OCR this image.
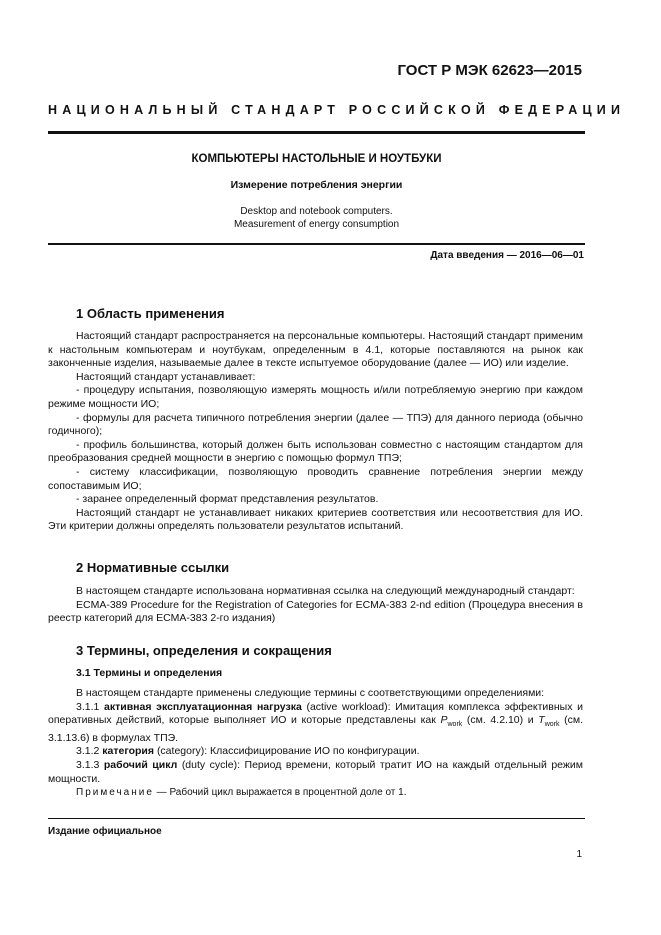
ГОСТ Р МЭК 62623—2015
НАЦИОНАЛЬНЫЙ СТАНДАРТ РОССИЙСКОЙ ФЕДЕРАЦИИ
КОМПЬЮТЕРЫ НАСТОЛЬНЫЕ И НОУТБУКИ
Измерение потребления энергии
Desktop and notebook computers.
Measurement of energy consumption
Дата введения — 2016—06—01
1 Область применения

Настоящий стандарт распространяется на персональные компьютеры. Настоящий стандарт применим к настольным компьютерам и ноутбукам, определенным в 4.1, которые поставляются на рынок как законченные изделия, называемые далее в тексте испытуемое оборудование (далее — ИО) или изделие.

Настоящий стандарт устанавливает:

- процедуру испытания, позволяющую измерять мощность и/или потребляемую энергию при каждом режиме мощности ИО;

- формулы для расчета типичного потребления энергии (далее — ТПЭ) для данного периода (обычно годичного);

- профиль большинства, который должен быть использован совместно с настоящим стандартом для преобразования средней мощности в энергию с помощью формул ТПЭ;

- систему классификации, позволяющую проводить сравнение потребления энергии между сопоставимым ИО;

- заранее определенный формат представления результатов.

Настоящий стандарт не устанавливает никаких критериев соответствия или несоответствия для ИО. Эти критерии должны определять пользователи результатов испытаний.

2 Нормативные ссылки

В настоящем стандарте использована нормативная ссылка на следующий международный стандарт:

ECMA-389 Procedure for the Registration of Categories for ECMA-383 2-nd edition (Процедура внесения в реестр категорий для ECMA-383 2-го издания)

3 Термины, определения и сокращения
3.1 Термины и определения

В настоящем стандарте применены следующие термины с соответствующими определениями:

3.1.1 активная эксплуатационная нагрузка (active workload): Имитация комплекса эффективных и оперативных действий, которые выполняет ИО и которые представлены как $P_{work}$ (см. 4.2.10) и $T_{work}$ (см. 3.1.13.6) в формулах ТПЭ.

3.1.2 категория (category): Классифицирование ИО по конфигурации.

3.1.3 рабочий цикл (duty cycle): Период времени, который тратит ИО на каждый отдельный режим мощности.

Примечание — Рабочий цикл выражается в процентной доле от 1.
Издание официальное
1
